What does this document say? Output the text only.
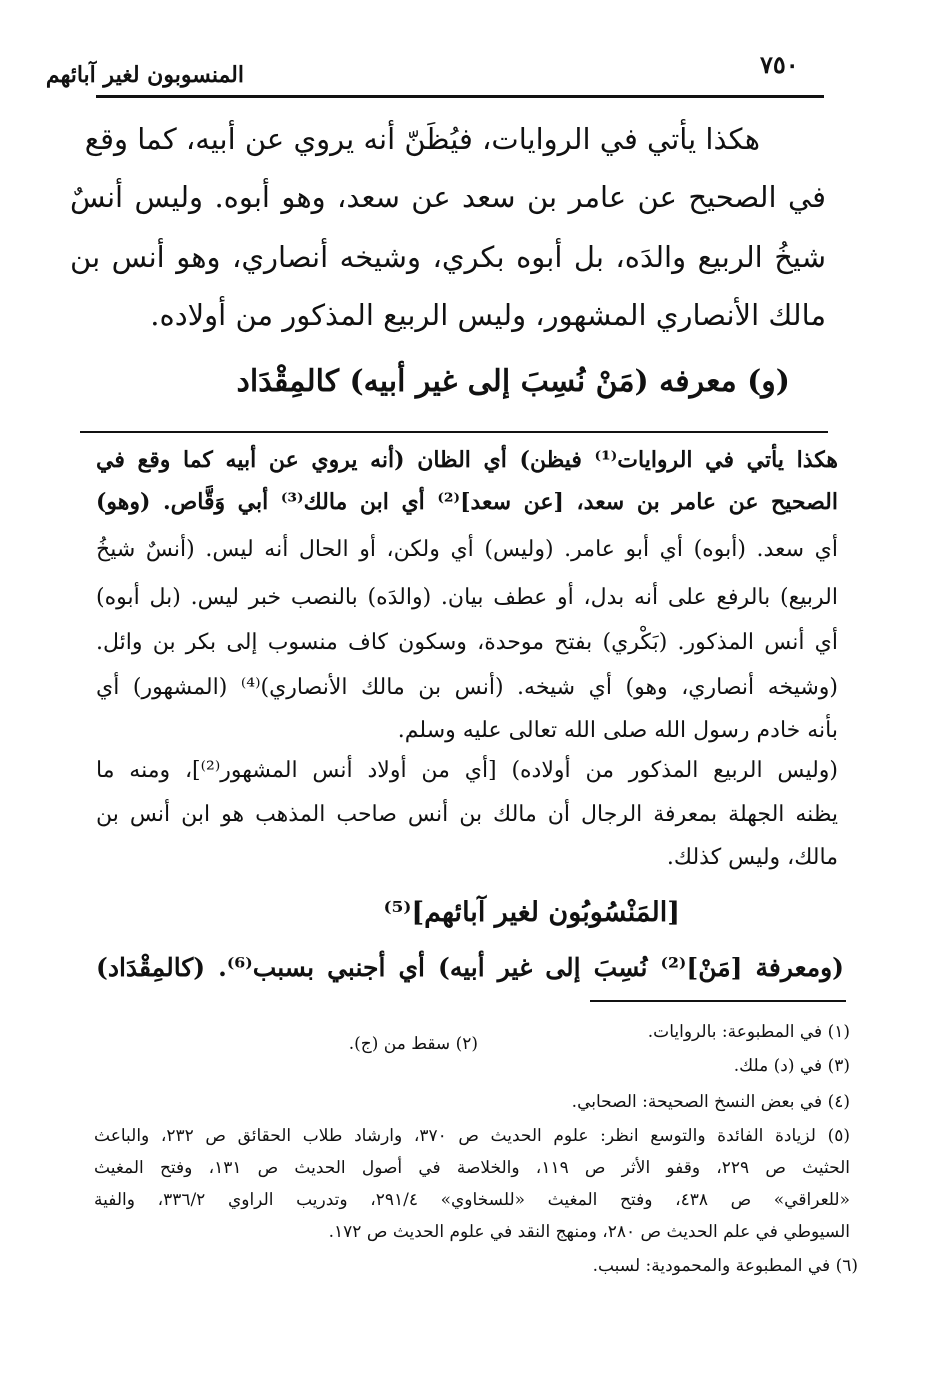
المنسوبون لغير آبائهم	٧٥٠
هكذا يأتي في الروايات، فيُظَنّ أنه يروي عن أبيه، كما وقع
في الصحيح عن عامر بن سعد عن سعد، وهو أبوه. وليس أنسٌ
شيخُ الربيع والدَه، بل أبوه بكري، وشيخه أنصاري، وهو أنس بن
مالك الأنصاري المشهور، وليس الربيع المذكور من أولاده.
(و) معرفه (مَنْ نُسِبَ إلى غير أبيه) كالمِقْدَاد
هكذا يأتي في الروايات⁽¹⁾ فيظن) أي الظان (أنه يروي عن أبيه كما وقع في
الصحيح عن عامر بن سعد، [عن سعد]⁽²⁾ أي ابن مالك⁽³⁾ أبي وَقَّاص. (وهو)
أي سعد. (أبوه) أي أبو عامر. (وليس) أي ولكن، أو الحال أنه ليس. (أنسٌ شيخُ
الربيع) بالرفع على أنه بدل، أو عطف بيان. (والدَه) بالنصب خبر ليس. (بل أبوه)
أي أنس المذكور. (بَكْري) بفتح موحدة، وسكون كاف منسوب إلى بكر بن وائل.
(وشيخه أنصاري، وهو) أي شيخه. (أنس بن مالك الأنصاري)⁽⁴⁾ (المشهور) أي
بأنه خادم رسول الله صلى الله تعالى عليه وسلم.
(وليس الربيع المذكور من أولاده) [أي من أولاد أنس المشهور⁽²⁾]، ومنه ما
يظنه الجهلة بمعرفة الرجال أن مالك بن أنس صاحب المذهب هو ابن أنس بن
مالك، وليس كذلك.
[المَنْسُوبُون لغير آبائهم]⁽⁵⁾
(ومعرفة [مَنْ]⁽²⁾ نُسِبَ إلى غير أبيه) أي أجنبي بسبب⁽⁶⁾. (كالمِقْدَاد)
(١) في المطبوعة: بالروايات.
(٢) سقط من (ج).
(٣) في (د) ملك.
(٤) في بعض النسخ الصحيحة: الصحابي.
(٥) لزيادة الفائدة والتوسع انظر: علوم الحديث ص ٣٧٠، وارشاد طلاب الحقائق ص ٢٣٢، والباعث
الحثيث ص ٢٢٩، وقفو الأثر ص ١١٩، والخلاصة في أصول الحديث ص ١٣١، وفتح المغيث
«للعراقي» ص ٤٣٨، وفتح المغيث «للسخاوي» ٢٩١/٤، وتدريب الراوي ٣٣٦/٢، والفية
السيوطي في علم الحديث ص ٢٨٠، ومنهج النقد في علوم الحديث ص ١٧٢.
(٦) في المطبوعة والمحمودية: لسبب.
